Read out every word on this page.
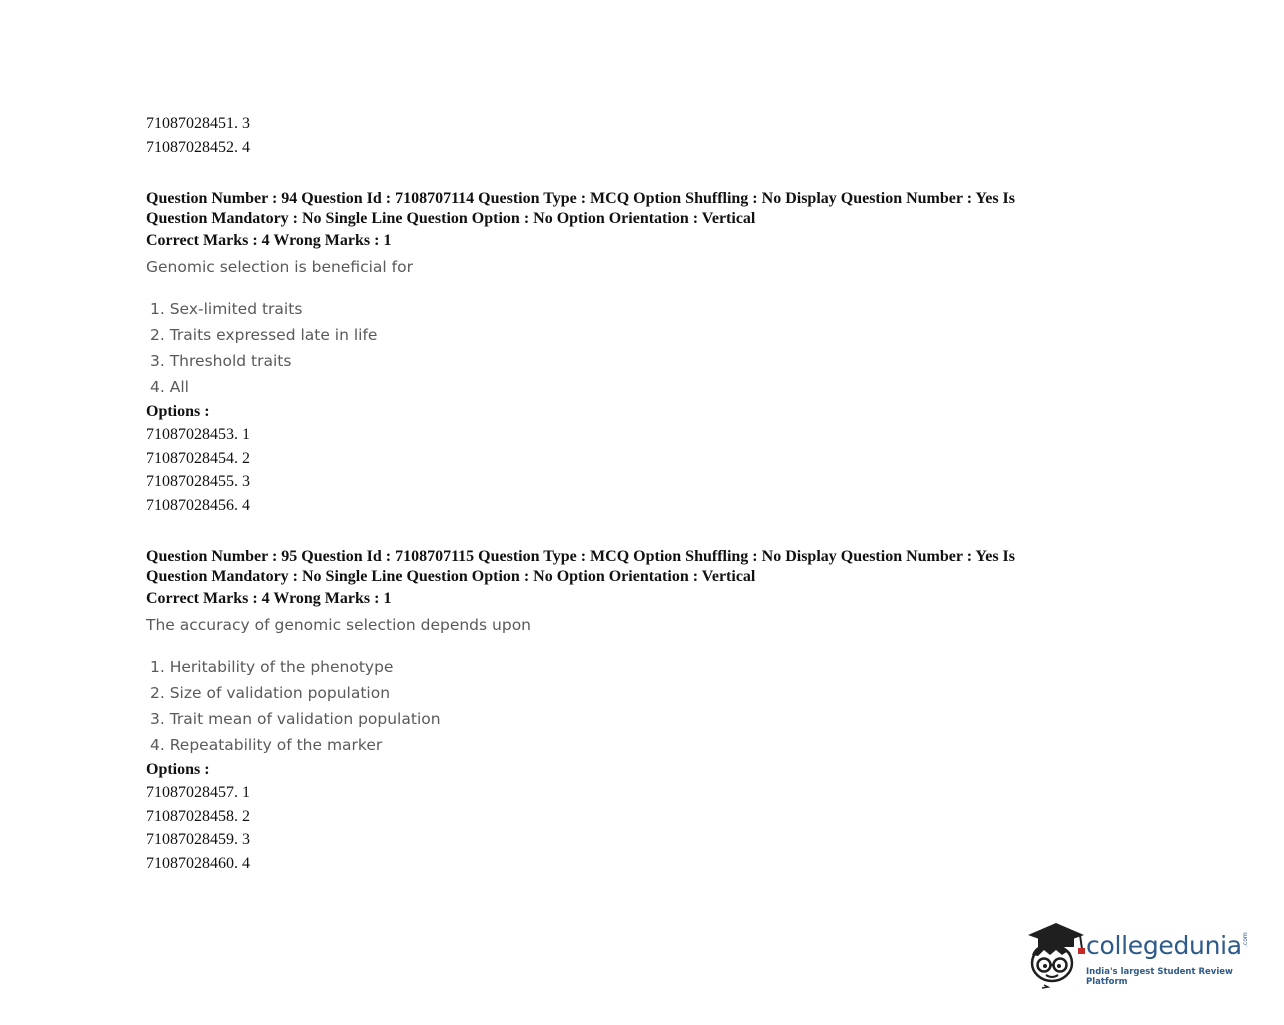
71087028451. 3
71087028452. 4
Question Number : 94 Question Id : 7108707114 Question Type : MCQ Option Shuffling : No Display Question Number : Yes Is
Question Mandatory : No Single Line Question Option : No Option Orientation : Vertical
Correct Marks : 4 Wrong Marks : 1
Genomic selection is beneficial for
1. Sex-limited traits
2. Traits expressed late in life
3. Threshold traits
4. All
Options :
71087028453. 1
71087028454. 2
71087028455. 3
71087028456. 4
Question Number : 95 Question Id : 7108707115 Question Type : MCQ Option Shuffling : No Display Question Number : Yes Is
Question Mandatory : No Single Line Question Option : No Option Orientation : Vertical
Correct Marks : 4 Wrong Marks : 1
The accuracy of genomic selection depends upon
1. Heritability of the phenotype
2. Size of validation population
3. Trait mean of validation population
4. Repeatability of the marker
Options :
71087028457. 1
71087028458. 2
71087028459. 3
71087028460. 4
collegedunia .com
India's largest Student Review Platform
